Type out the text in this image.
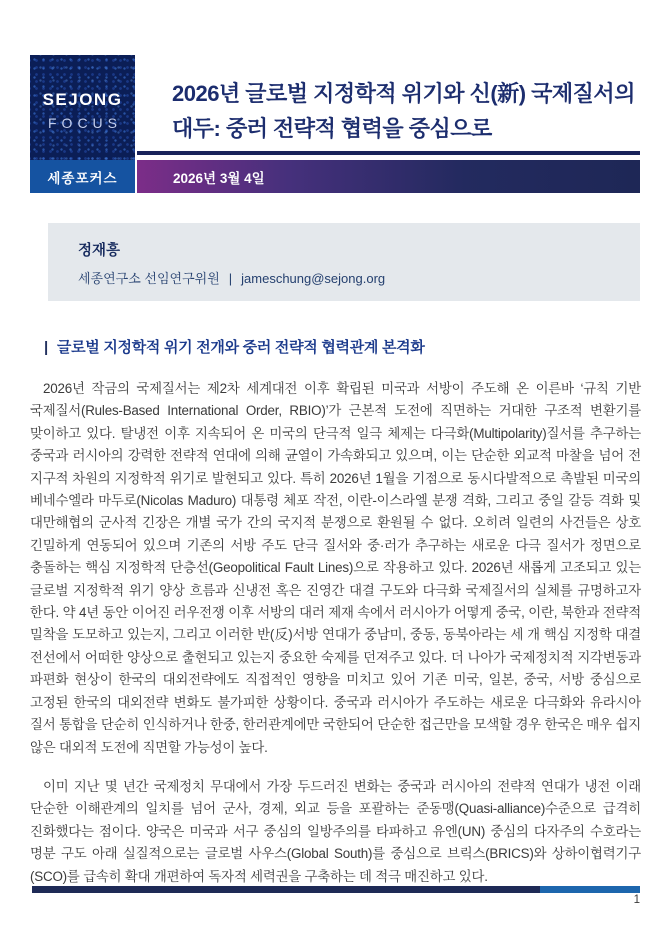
SEJONG
FOCUS
2026년 글로벌 지정학적 위기와 신(新) 국제질서의
대두: 중러 전략적 협력을 중심으로
세종포커스	2026년 3월 4일
정재흥
세종연구소 선임연구위원 | jameschung@sejong.org
| 글로벌 지정학적 위기 전개와 중러 전략적 협력관계 본격화

2026년 작금의 국제질서는 제2차 세계대전 이후 확립된 미국과 서방이 주도해 온 이른바 ‘규칙 기반 국제질서(Rules-Based International Order, RBIO)’가 근본적 도전에 직면하는 거대한 구조적 변환기를 맞이하고 있다. 탈냉전 이후 지속되어 온 미국의 단극적 일극 체제는 다극화(Multipolarity)질서를 추구하는 중국과 러시아의 강력한 전략적 연대에 의해 균열이 가속화되고 있으며, 이는 단순한 외교적 마찰을 넘어 전 지구적 차원의 지정학적 위기로 발현되고 있다. 특히 2026년 1월을 기점으로 동시다발적으로 촉발된 미국의 베네수엘라 마두로(Nicolas Maduro) 대통령 체포 작전, 이란-이스라엘 분쟁 격화, 그리고 중일 갈등 격화 및 대만해협의 군사적 긴장은 개별 국가 간의 국지적 분쟁으로 환원될 수 없다. 오히려 일련의 사건들은 상호 긴밀하게 연동되어 있으며 기존의 서방 주도 단극 질서와 중·러가 추구하는 새로운 다극 질서가 정면으로 충돌하는 핵심 지정학적 단층선(Geopolitical Fault Lines)으로 작용하고 있다. 2026년 새롭게 고조되고 있는 글로벌 지정학적 위기 양상 흐름과 신냉전 혹은 진영간 대결 구도와 다극화 국제질서의 실체를 규명하고자 한다. 약 4년 동안 이어진 러우전쟁 이후 서방의 대러 제재 속에서 러시아가 어떻게 중국, 이란, 북한과 전략적 밀착을 도모하고 있는지, 그리고 이러한 반(反)서방 연대가 중남미, 중동, 동북아라는 세 개 핵심 지정학 대결 전선에서 어떠한 양상으로 출현되고 있는지 중요한 숙제를 던져주고 있다. 더 나아가 국제정치적 지각변동과 파편화 현상이 한국의 대외전략에도 직접적인 영향을 미치고 있어 기존 미국, 일본, 중국, 서방 중심으로 고정된 한국의 대외전략 변화도 불가피한 상황이다. 중국과 러시아가 주도하는 새로운 다극화와 유라시아 질서 통합을 단순히 인식하거나 한중, 한러관계에만 국한되어 단순한 접근만을 모색할 경우 한국은 매우 쉽지 않은 대외적 도전에 직면할 가능성이 높다.

이미 지난 몇 년간 국제정치 무대에서 가장 두드러진 변화는 중국과 러시아의 전략적 연대가 냉전 이래 단순한 이해관계의 일치를 넘어 군사, 경제, 외교 등을 포괄하는 준동맹(Quasi-alliance)수준으로 급격히 진화했다는 점이다. 양국은 미국과 서구 중심의 일방주의를 타파하고 유엔(UN) 중심의 다자주의 수호라는 명분 구도 아래 실질적으로는 글로벌 사우스(Global South)를 중심으로 브릭스(BRICS)와 상하이협력기구(SCO)를 급속히 확대 개편하여 독자적 세력권을 구축하는 데 적극 매진하고 있다.

1
